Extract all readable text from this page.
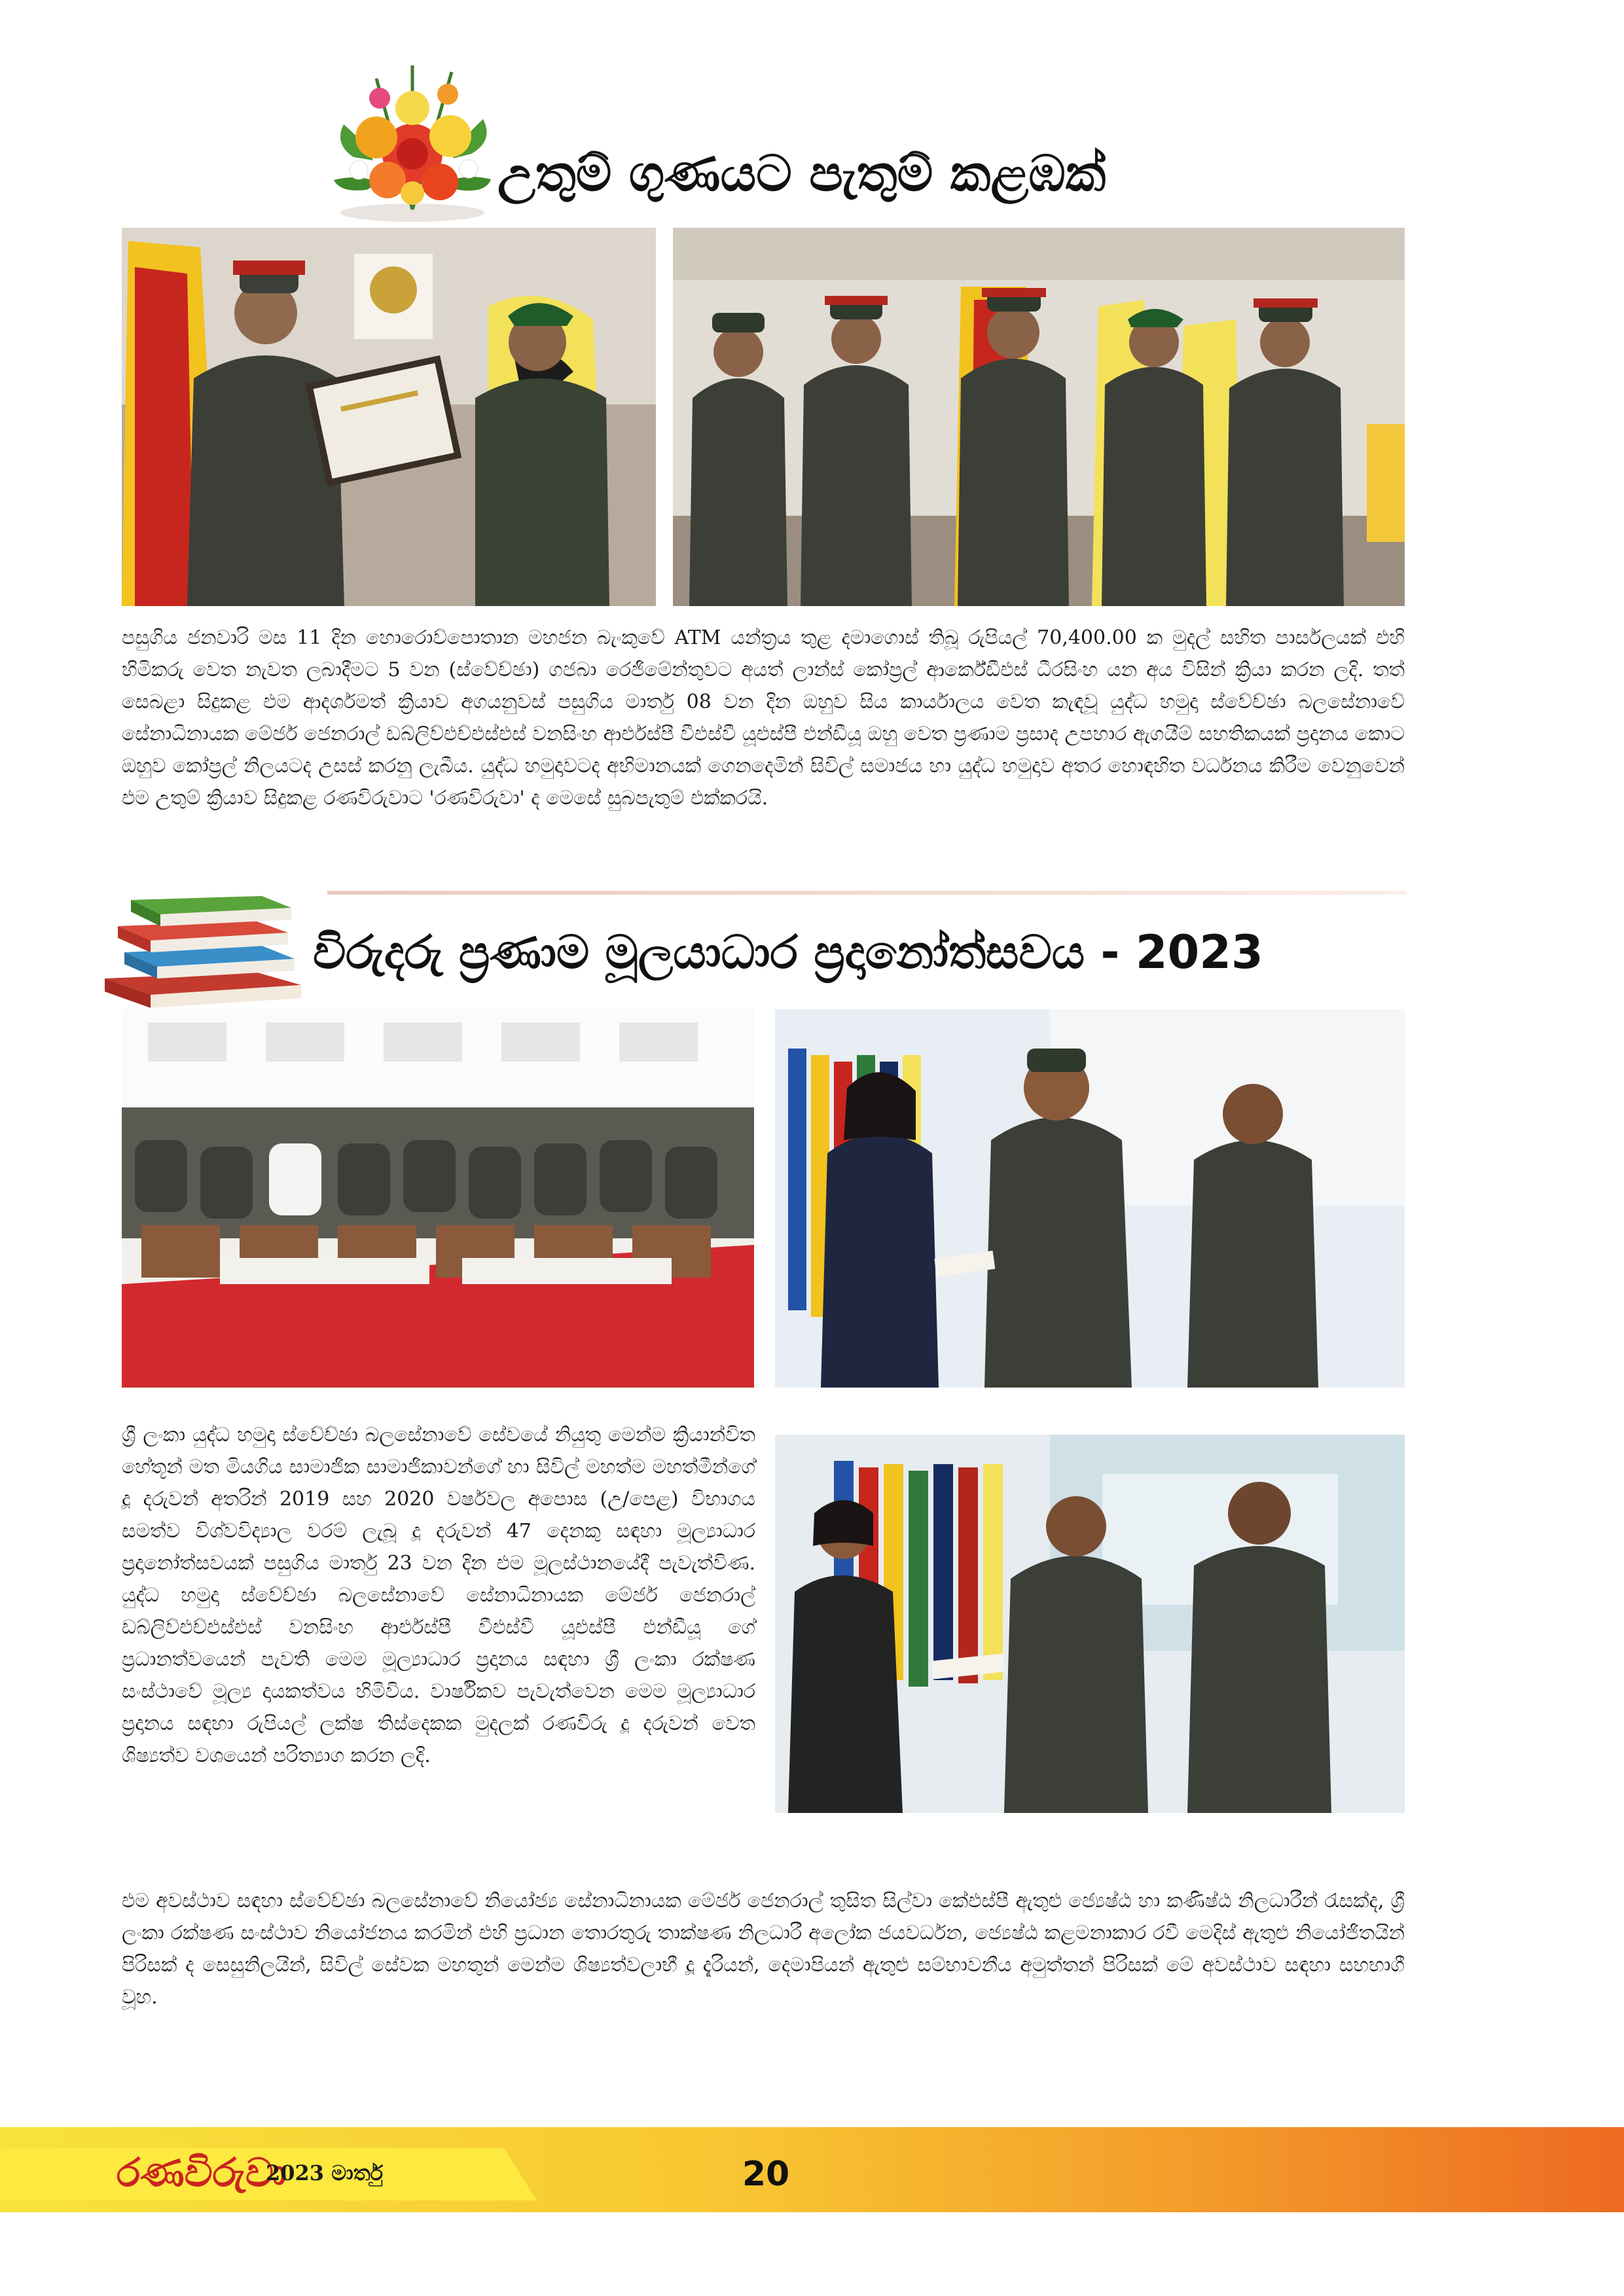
උතුම් ගුණයට පැතුම් කළඹක්

පසුගිය ජනවාරි මස 11 දින හොරොව්පොතාන මහජන බැංකුවේ ATM යන්ත්‍රය තුළ දමාගොස් තිබූ රුපියල් 70,400.00 ක මුදල් සහිත පාර්සලයක් එහි හිමිකරු වෙත නැවත ලබාදීමට 5 වන (ස්වේච්ඡා) ගජබා රෙජිමේන්තුවට අයත් ලාන්ස් කෝප්‍රල් ආර්කේඩීඑස් ධීරසිංහ යන අය විසින් ක්‍රියා කරන ලදි. තත් සෙබළා සිදුකළ එම ආදර්ශමත් ක්‍රියාව අගයනුවස් පසුගිය මාර්තු 08 වන දින ඔහුව සිය කාර්යාලය වෙත කැඳවූ යුද්ධ හමුදා ස්වේච්ඡා බලසේනාවේ සේනාධිනායක මේජර් ජෙනරාල් ඩබ්ලිව්එච්එස්එස් වනසිංහ ආර්එස්පී වීඑස්වී යූඑස්පී එන්ඩීයූ ඔහු වෙත ප්‍රණාම ප්‍රසාද උපහාර ඇගයීම් සහතිකයක් ප්‍රදානය කොට ඔහුව කෝප්‍රල් නිලයටද උසස් කරනු ලැබීය. යුද්ධ හමුදාවටද අභිමානයක් ගෙනදෙමින් සිවිල් සමාජය හා යුද්ධ හමුදාව අතර හොඳහිත වර්ධනය කිරීම වෙනුවෙන් එම උතුම් ක්‍රියාව සිදුකළ රණවිරුවාට 'රණවිරුවා' ද මෙසේ සුබපැතුම් එක්කරයි.

විරුදරු ප්‍රණාම මූලයාධාර ප්‍රදානෝත්සවය - 2023

ශ්‍රී ලංකා යුද්ධ හමුදා ස්වේච්ඡා බලසේනාවේ සේවයේ නියුතු මෙන්ම ක්‍රියාන්විත හේතූන් මත මියගිය සාමාජික සාමාජිකාවන්ගේ හා සිවිල් මහත්ම මහත්මීන්ගේ දූ දරුවන් අතරින් 2019 සහ 2020 වර්ෂවල අපොස (උ/පෙළ) විභාගය සමත්ව විශ්වවිද්‍යාල වරම් ලැබූ දූ දරුවන් 47 දෙනකු සඳහා මූල්‍යාධාර ප්‍රදානෝත්සවයක් පසුගිය මාර්තු 23 වන දින එම මූලස්ථානයේදී පැවැත්විණ. යුද්ධ හමුදා ස්වේච්ඡා බලසේනාවේ සේනාධිනායක මේජර් ජෙනරාල් ඩබ්ලිව්එච්එස්එස් වනසිංහ ආර්එස්පී වීඑස්වී යූඑස්පී එන්ඩීයූ ගේ ප්‍රධානත්වයෙන් පැවති මෙම මූල්‍යාධාර ප්‍රදානය සඳහා ශ්‍රී ලංකා රක්ෂණ සංස්ථාවේ මූල්‍ය දායකත්වය හිමිවිය. වාර්ෂිකව පැවැත්වෙන මෙම මූල්‍යාධාර ප්‍රදානය සඳහා රුපියල් ලක්ෂ තිස්දෙකක මුදලක් රණවිරු දූ දරුවන් වෙත ශිෂ්‍යත්ව වශයෙන් පරිත්‍යාග කරන ලදි.

එම අවස්ථාව සඳහා ස්වේච්ඡා බලසේනාවේ නියෝජ්‍ය සේනාධිනායක මේජර් ජෙනරාල් තුසිත සිල්වා කේඑස්පී ඇතුළු ජ්‍යෙෂ්ඨ හා කණිෂ්ඨ නිලධාරීන් රැසක්ද, ශ්‍රී ලංකා රක්ෂණ සංස්ථාව නියෝජනය කරමින් එහි ප්‍රධාන තොරතුරු තාක්ෂණ නිලධාරී අලෝක ජයවර්ධන, ජ්‍යෙෂ්ඨ කළමනාකාර රවී මෙදිස් ඇතුළු නියෝජිතයින් පිරිසක් ද සෙසුනිලයින්, සිවිල් සේවක මහතුන් මෙන්ම ශිෂ්‍යත්වලාභී දූ දැරියන්, දෙමාපියන් ඇතුළු සම්භාවනීය අමුත්තන් පිරිසක් මේ අවස්ථාව සඳහා සහභාගී වූහ.

රණවිරුවා
2023 මාර්තු	20
